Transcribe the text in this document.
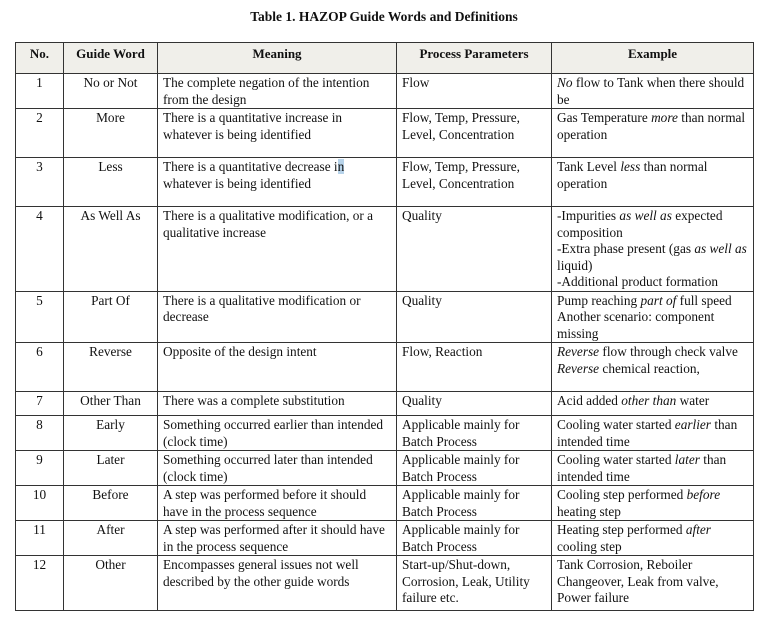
Table 1. HAZOP Guide Words and Definitions
No.	Guide Word	Meaning	Process Parameters	Example
1	No or Not	The complete negation of the intention from the design	Flow	No flow to Tank when there should be
2	More	There is a quantitative increase in whatever is being identified	Flow, Temp, Pressure, Level, Concentration	Gas Temperature more than normal operation
3	Less	There is a quantitative decrease in whatever is being identified	Flow, Temp, Pressure, Level, Concentration	Tank Level less than normal operation
4	As Well As	There is a qualitative modification, or a qualitative increase	Quality	-Impurities as well as expected composition
-Extra phase present (gas as well as liquid)
-Additional product formation
5	Part Of	There is a qualitative modification or decrease	Quality	Pump reaching part of full speed
Another scenario: component missing
6	Reverse	Opposite of the design intent	Flow, Reaction	Reverse flow through check valve
Reverse chemical reaction,
7	Other Than	There was a complete substitution	Quality	Acid added other than water
8	Early	Something occurred earlier than intended (clock time)	Applicable mainly for Batch Process	Cooling water started earlier than intended time
9	Later	Something occurred later than intended (clock time)	Applicable mainly for Batch Process	Cooling water started later than intended time
10	Before	A step was performed before it should have in the process sequence	Applicable mainly for Batch Process	Cooling step performed before heating step
11	After	A step was performed after it should have in the process sequence	Applicable mainly for Batch Process	Heating step performed after cooling step
12	Other	Encompasses general issues not well described by the other guide words	Start-up/Shut-down, Corrosion, Leak, Utility failure etc.	Tank Corrosion, Reboiler Changeover, Leak from valve, Power failure
